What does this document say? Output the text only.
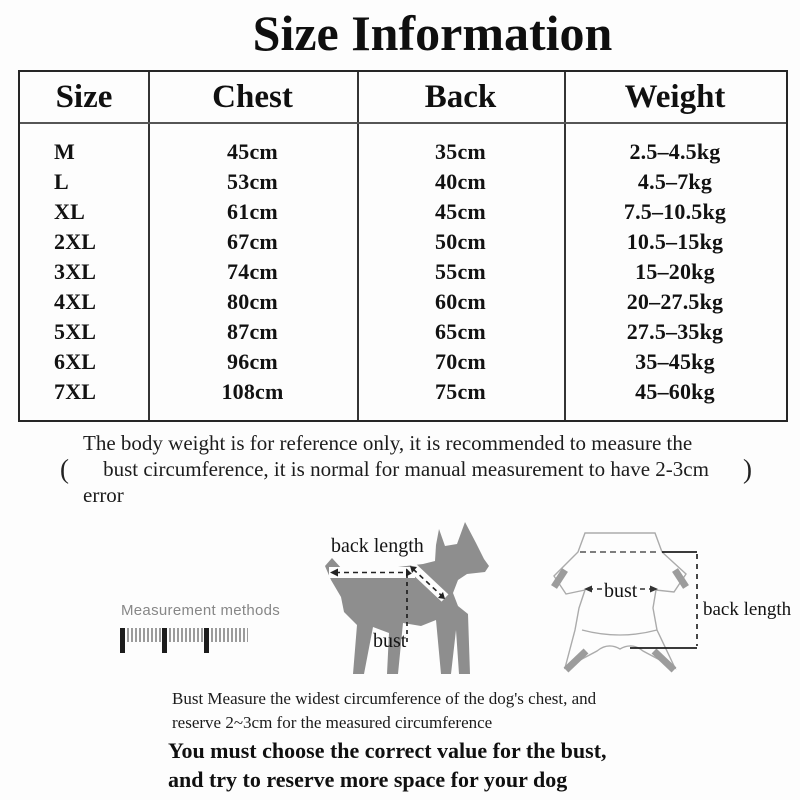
Size Information
Size	Chest	Back	Weight
M	45cm	35cm	2.5–4.5kg
L	53cm	40cm	4.5–7kg
XL	61cm	45cm	7.5–10.5kg
2XL	67cm	50cm	10.5–15kg
3XL	74cm	55cm	15–20kg
4XL	80cm	60cm	20–27.5kg
5XL	87cm	65cm	27.5–35kg
6XL	96cm	70cm	35–45kg
7XL	108cm	75cm	45–60kg
The body weight is for reference only, it is recommended to measure the
( bust circumference, it is normal for manual measurement to have 2-3cm )
error
Measurement methods
back length
bust
bust
back length
Bust Measure the widest circumference of the dog's chest, and
reserve 2~3cm for the measured circumference
You must choose the correct value for the bust,
and try to reserve more space for your dog
